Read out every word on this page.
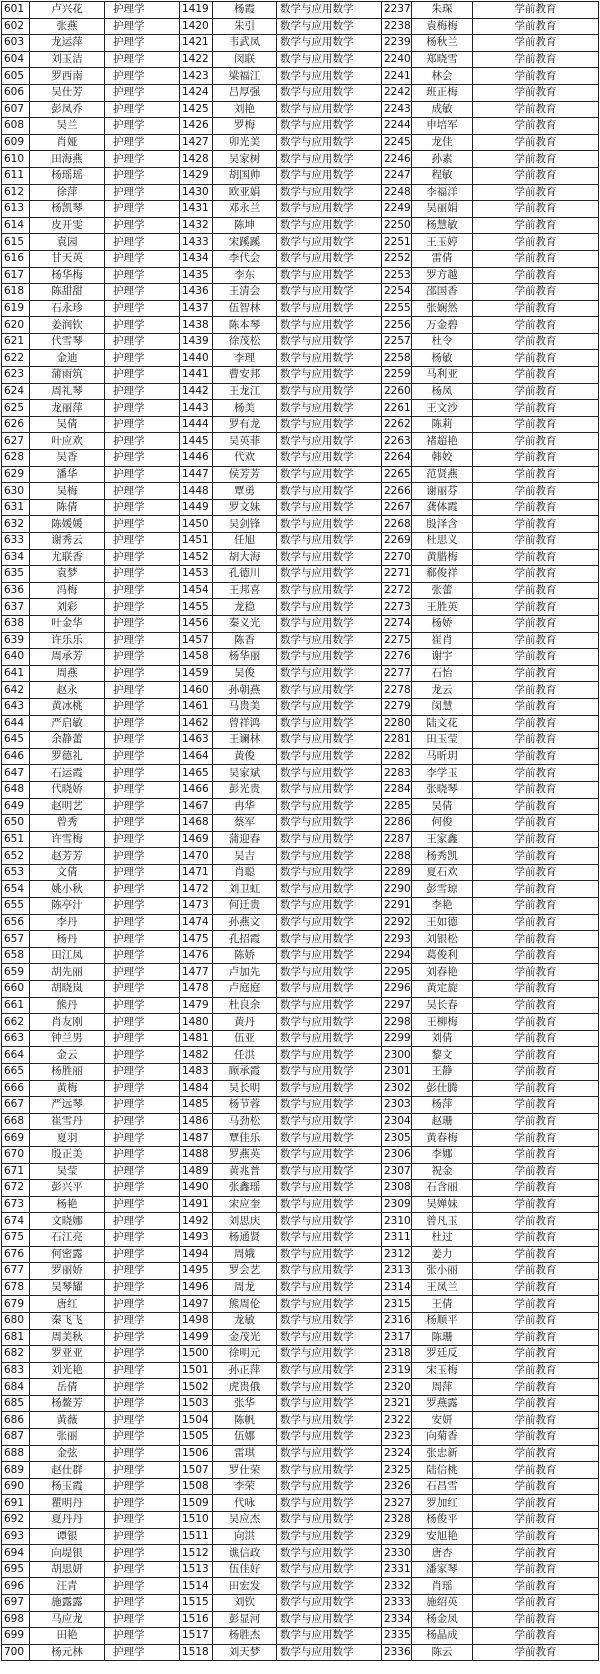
601	卢兴花	护理学	1419	杨霞	数学与应用数学	2237	朱琛	学前教育
602	张燕	护理学	1420	朱引	数学与应用数学	2238	袁梅梅	学前教育
603	龙运萍	护理学	1421	韦武凤	数学与应用数学	2239	杨秋兰	学前教育
604	刘玉洁	护理学	1422	闵联	数学与应用数学	2240	郑晓雪	学前教育
605	罗西南	护理学	1423	梁福江	数学与应用数学	2241	林会	学前教育
606	吴仕芳	护理学	1424	吕厚强	数学与应用数学	2242	班正梅	学前教育
607	彭凤乔	护理学	1425	刘艳	数学与应用数学	2243	成敏	学前教育
608	吴兰	护理学	1426	罗梅	数学与应用数学	2244	申培军	学前教育
609	肖娅	护理学	1427	卯光美	数学与应用数学	2245	龙佳	学前教育
610	田海燕	护理学	1428	吴家树	数学与应用数学	2246	孙素	学前教育
611	杨瑶瑶	护理学	1429	胡国帅	数学与应用数学	2247	程敏	学前教育
612	徐萍	护理学	1430	欧亚娟	数学与应用数学	2248	李福洋	学前教育
613	杨凯琴	护理学	1431	邓永兰	数学与应用数学	2249	吴丽娟	学前教育
614	皮开雯	护理学	1432	陈坤	数学与应用数学	2250	杨慧敏	学前教育
615	袁园	护理学	1433	宋蹊蹊	数学与应用数学	2251	王玉婷	学前教育
616	甘天英	护理学	1434	李代会	数学与应用数学	2252	雷倩	学前教育
617	杨华梅	护理学	1435	李东	数学与应用数学	2253	罗方越	学前教育
618	陈甜甜	护理学	1436	王清会	数学与应用数学	2254	邵国香	学前教育
619	石永珍	护理学	1437	伍智林	数学与应用数学	2255	张娴然	学前教育
620	姜润钦	护理学	1438	陈本琴	数学与应用数学	2256	万金碧	学前教育
621	代雪琴	护理学	1439	徐茂松	数学与应用数学	2257	杜令	学前教育
622	金迪	护理学	1440	李理	数学与应用数学	2258	杨敏	学前教育
623	蒲雨筑	护理学	1441	曹安邦	数学与应用数学	2259	马利亚	学前教育
624	周礼琴	护理学	1442	王龙江	数学与应用数学	2260	杨凤	学前教育
625	龙丽萍	护理学	1443	杨美	数学与应用数学	2261	王文沙	学前教育
626	吴倩	护理学	1444	罗有龙	数学与应用数学	2262	陈莉	学前教育
627	叶应欢	护理学	1445	吴英菲	数学与应用数学	2263	褚超艳	学前教育
628	吴香	护理学	1446	代欢	数学与应用数学	2264	韩姣	学前教育
629	潘华	护理学	1447	侯芳芳	数学与应用数学	2265	范贤燕	学前教育
630	吴梅	护理学	1448	覃勇	数学与应用数学	2266	谢丽芬	学前教育
631	陈倩	护理学	1449	罗文妹	数学与应用数学	2267	龚体霞	学前教育
632	陈媛媛	护理学	1450	吴剑锋	数学与应用数学	2268	殷泽含	学前教育
633	谢秀云	护理学	1451	任旭	数学与应用数学	2269	杜思义	学前教育
634	尤联香	护理学	1452	胡大海	数学与应用数学	2270	黄腊梅	学前教育
635	袁梦	护理学	1453	孔德川	数学与应用数学	2271	郗俊祥	学前教育
636	冯梅	护理学	1454	王邦喜	数学与应用数学	2272	张蕾	学前教育
637	刘彩	护理学	1455	龙稳	数学与应用数学	2273	王胜英	学前教育
638	叶金华	护理学	1456	秦义光	数学与应用数学	2274	杨娇	学前教育
639	许乐乐	护理学	1457	陈香	数学与应用数学	2275	崔肖	学前教育
640	周承芳	护理学	1458	杨华丽	数学与应用数学	2276	谢宇	学前教育
641	周燕	护理学	1459	吴俊	数学与应用数学	2277	石怡	学前教育
642	赵永	护理学	1460	孙朝燕	数学与应用数学	2278	龙云	学前教育
643	黄冰桃	护理学	1461	马贵美	数学与应用数学	2279	闵慧	学前教育
644	严启敏	护理学	1462	曾祥鸿	数学与应用数学	2280	陆文花	学前教育
645	余静蕾	护理学	1463	王谰林	数学与应用数学	2281	田玉莹	学前教育
646	罗德礼	护理学	1464	黄俊	数学与应用数学	2282	马昕玥	学前教育
647	石运霞	护理学	1465	吴家斌	数学与应用数学	2283	李学玉	学前教育
648	代晓娇	护理学	1466	彭光贵	数学与应用数学	2284	张晓琴	学前教育
649	赵明艺	护理学	1467	冉华	数学与应用数学	2285	吴倩	学前教育
650	曾秀	护理学	1468	蔡军	数学与应用数学	2286	何俊	学前教育
651	许雪梅	护理学	1469	蒲迎春	数学与应用数学	2287	王家鑫	学前教育
652	赵芳芳	护理学	1470	吴吉	数学与应用数学	2288	杨秀凯	学前教育
653	文倩	护理学	1471	肖聪	数学与应用数学	2289	夏石欢	学前教育
654	姚小秋	护理学	1472	刘卫虹	数学与应用数学	2290	彭雪琼	学前教育
655	陈亭汁	护理学	1473	何迁贵	数学与应用数学	2291	李艳	学前教育
656	李丹	护理学	1474	孙燕文	数学与应用数学	2292	王如德	学前教育
657	杨丹	护理学	1475	孔招霞	数学与应用数学	2293	刘银松	学前教育
658	田江凤	护理学	1476	陈娇	数学与应用数学	2294	葛俊利	学前教育
659	胡先丽	护理学	1477	卢加先	数学与应用数学	2295	刘春艳	学前教育
660	胡晓岚	护理学	1478	卢庭庭	数学与应用数学	2296	黄定旋	学前教育
661	熊丹	护理学	1479	杜良余	数学与应用数学	2297	吴长春	学前教育
662	肖友刚	护理学	1480	黄丹	数学与应用数学	2298	王柳梅	学前教育
663	钟兰男	护理学	1481	伍亚	数学与应用数学	2299	刘倩	学前教育
664	金云	护理学	1482	任洪	数学与应用数学	2300	黎文	学前教育
665	杨胜丽	护理学	1483	顾承霞	数学与应用数学	2301	王静	学前教育
666	黄梅	护理学	1484	吴长明	数学与应用数学	2302	彭仕腾	学前教育
667	严远琴	护理学	1485	杨节蓉	数学与应用数学	2303	杨萍	学前教育
668	崔雪丹	护理学	1486	马劲松	数学与应用数学	2304	赵珊	学前教育
669	夏羽	护理学	1487	覃佳乐	数学与应用数学	2305	黄春梅	学前教育
670	殷正美	护理学	1488	罗燕英	数学与应用数学	2306	李娜	学前教育
671	吴莹	护理学	1489	黄兆普	数学与应用数学	2307	祝金	学前教育
672	彭兴平	护理学	1490	张鑫瑶	数学与应用数学	2308	石含丽	学前教育
673	杨艳	护理学	1491	宋应奎	数学与应用数学	2309	吴婵妹	学前教育
674	文晓娜	护理学	1492	刘思庆	数学与应用数学	2310	曾凡玉	学前教育
675	石江亮	护理学	1493	杨通贤	数学与应用数学	2311	杜过	学前教育
676	何密露	护理学	1494	周娥	数学与应用数学	2312	姜力	学前教育
677	罗丽娇	护理学	1495	罗会艺	数学与应用数学	2313	张小丽	学前教育
678	吴琴耀	护理学	1496	周龙	数学与应用数学	2314	王凤兰	学前教育
679	唐红	护理学	1497	熊周伦	数学与应用数学	2315	王倩	学前教育
680	秦飞飞	护理学	1498	龙敏	数学与应用数学	2316	杨顺平	学前教育
681	周美秋	护理学	1499	金茂光	数学与应用数学	2317	陈珊	学前教育
682	罗亚亚	护理学	1500	徐明元	数学与应用数学	2318	罗廷反	学前教育
683	刘光艳	护理学	1501	孙正萍	数学与应用数学	2319	宋玉梅	学前教育
684	岳倩	护理学	1502	虎贵俄	数学与应用数学	2320	周萍	学前教育
685	杨鳌芳	护理学	1503	张华	数学与应用数学	2321	罗燕露	学前教育
686	黄薇	护理学	1504	陈帆	数学与应用数学	2322	安妍	学前教育
687	张丽	护理学	1505	伍娜	数学与应用数学	2323	向菊香	学前教育
688	金弦	护理学	1506	雷琪	数学与应用数学	2324	张忠新	学前教育
689	赵仕群	护理学	1507	罗仕荣	数学与应用数学	2325	陆信桃	学前教育
690	杨玉霞	护理学	1508	李荣	数学与应用数学	2326	石昌雪	学前教育
691	瞿明丹	护理学	1509	代咏	数学与应用数学	2327	罗加红	学前教育
692	夏丹丹	护理学	1510	吴应杰	数学与应用数学	2328	杨俊平	学前教育
693	谭银	护理学	1511	向洪	数学与应用数学	2329	安旭艳	学前教育
694	向堤银	护理学	1512	谯信政	数学与应用数学	2330	唐杏	学前教育
695	胡思妍	护理学	1513	伍佳好	数学与应用数学	2331	潘家琴	学前教育
696	汪青	护理学	1514	田宏发	数学与应用数学	2332	肖瑶	学前教育
697	施露露	护理学	1515	刘钦	数学与应用数学	2333	施绍英	学前教育
698	马应龙	护理学	1516	彭显河	数学与应用数学	2334	杨金凤	学前教育
699	田艳	护理学	1517	杨胜杰	数学与应用数学	2335	杨晶成	学前教育
700	杨元林	护理学	1518	刘天梦	数学与应用数学	2336	陈云	学前教育
